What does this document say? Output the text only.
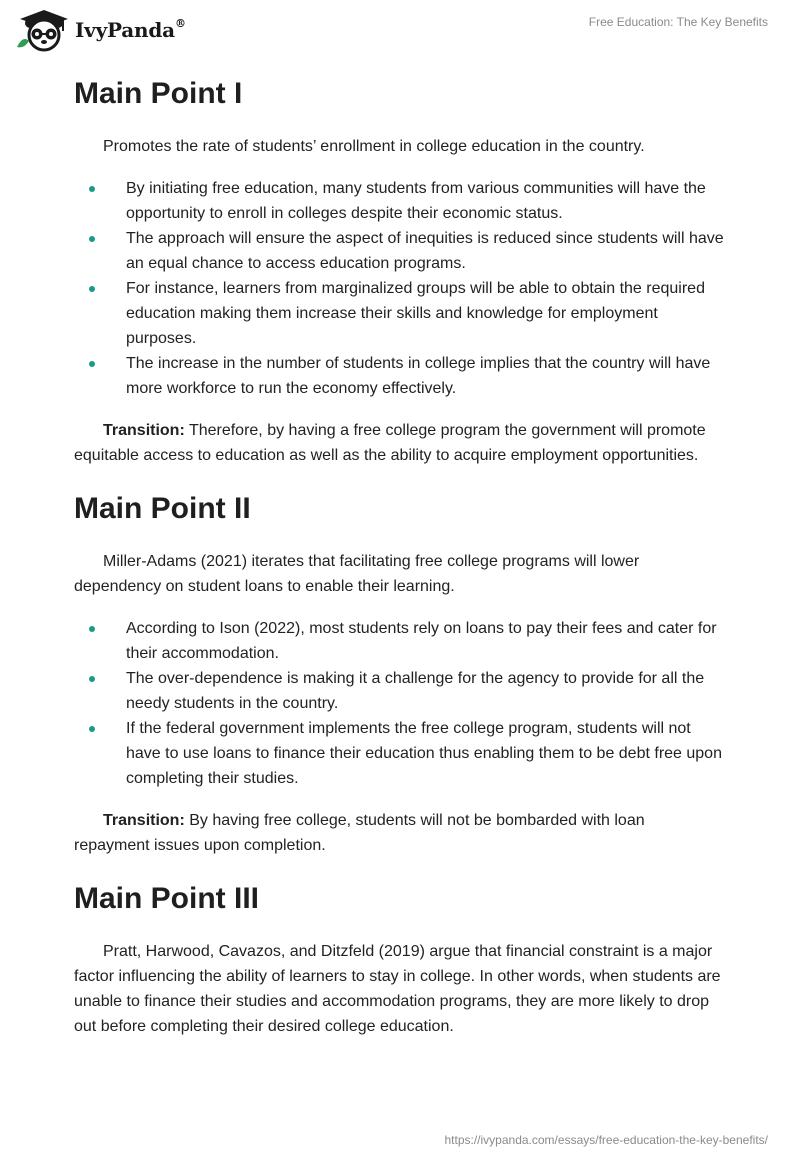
IvyPanda®	Free Education: The Key Benefits
Main Point I

Promotes the rate of students’ enrollment in college education in the country.

By initiating free education, many students from various communities will have the opportunity to enroll in colleges despite their economic status.
The approach will ensure the aspect of inequities is reduced since students will have an equal chance to access education programs.
For instance, learners from marginalized groups will be able to obtain the required education making them increase their skills and knowledge for employment purposes.
The increase in the number of students in college implies that the country will have more workforce to run the economy effectively.

Transition: Therefore, by having a free college program the government will promote equitable access to education as well as the ability to acquire employment opportunities.

Main Point II

Miller-Adams (2021) iterates that facilitating free college programs will lower dependency on student loans to enable their learning.

According to Ison (2022), most students rely on loans to pay their fees and cater for their accommodation.
The over-dependence is making it a challenge for the agency to provide for all the needy students in the country.
If the federal government implements the free college program, students will not have to use loans to finance their education thus enabling them to be debt free upon completing their studies.

Transition: By having free college, students will not be bombarded with loan repayment issues upon completion.

Main Point III

Pratt, Harwood, Cavazos, and Ditzfeld (2019) argue that financial constraint is a major factor influencing the ability of learners to stay in college. In other words, when students are unable to finance their studies and accommodation programs, they are more likely to drop out before completing their desired college education.

https://ivypanda.com/essays/free-education-the-key-benefits/
